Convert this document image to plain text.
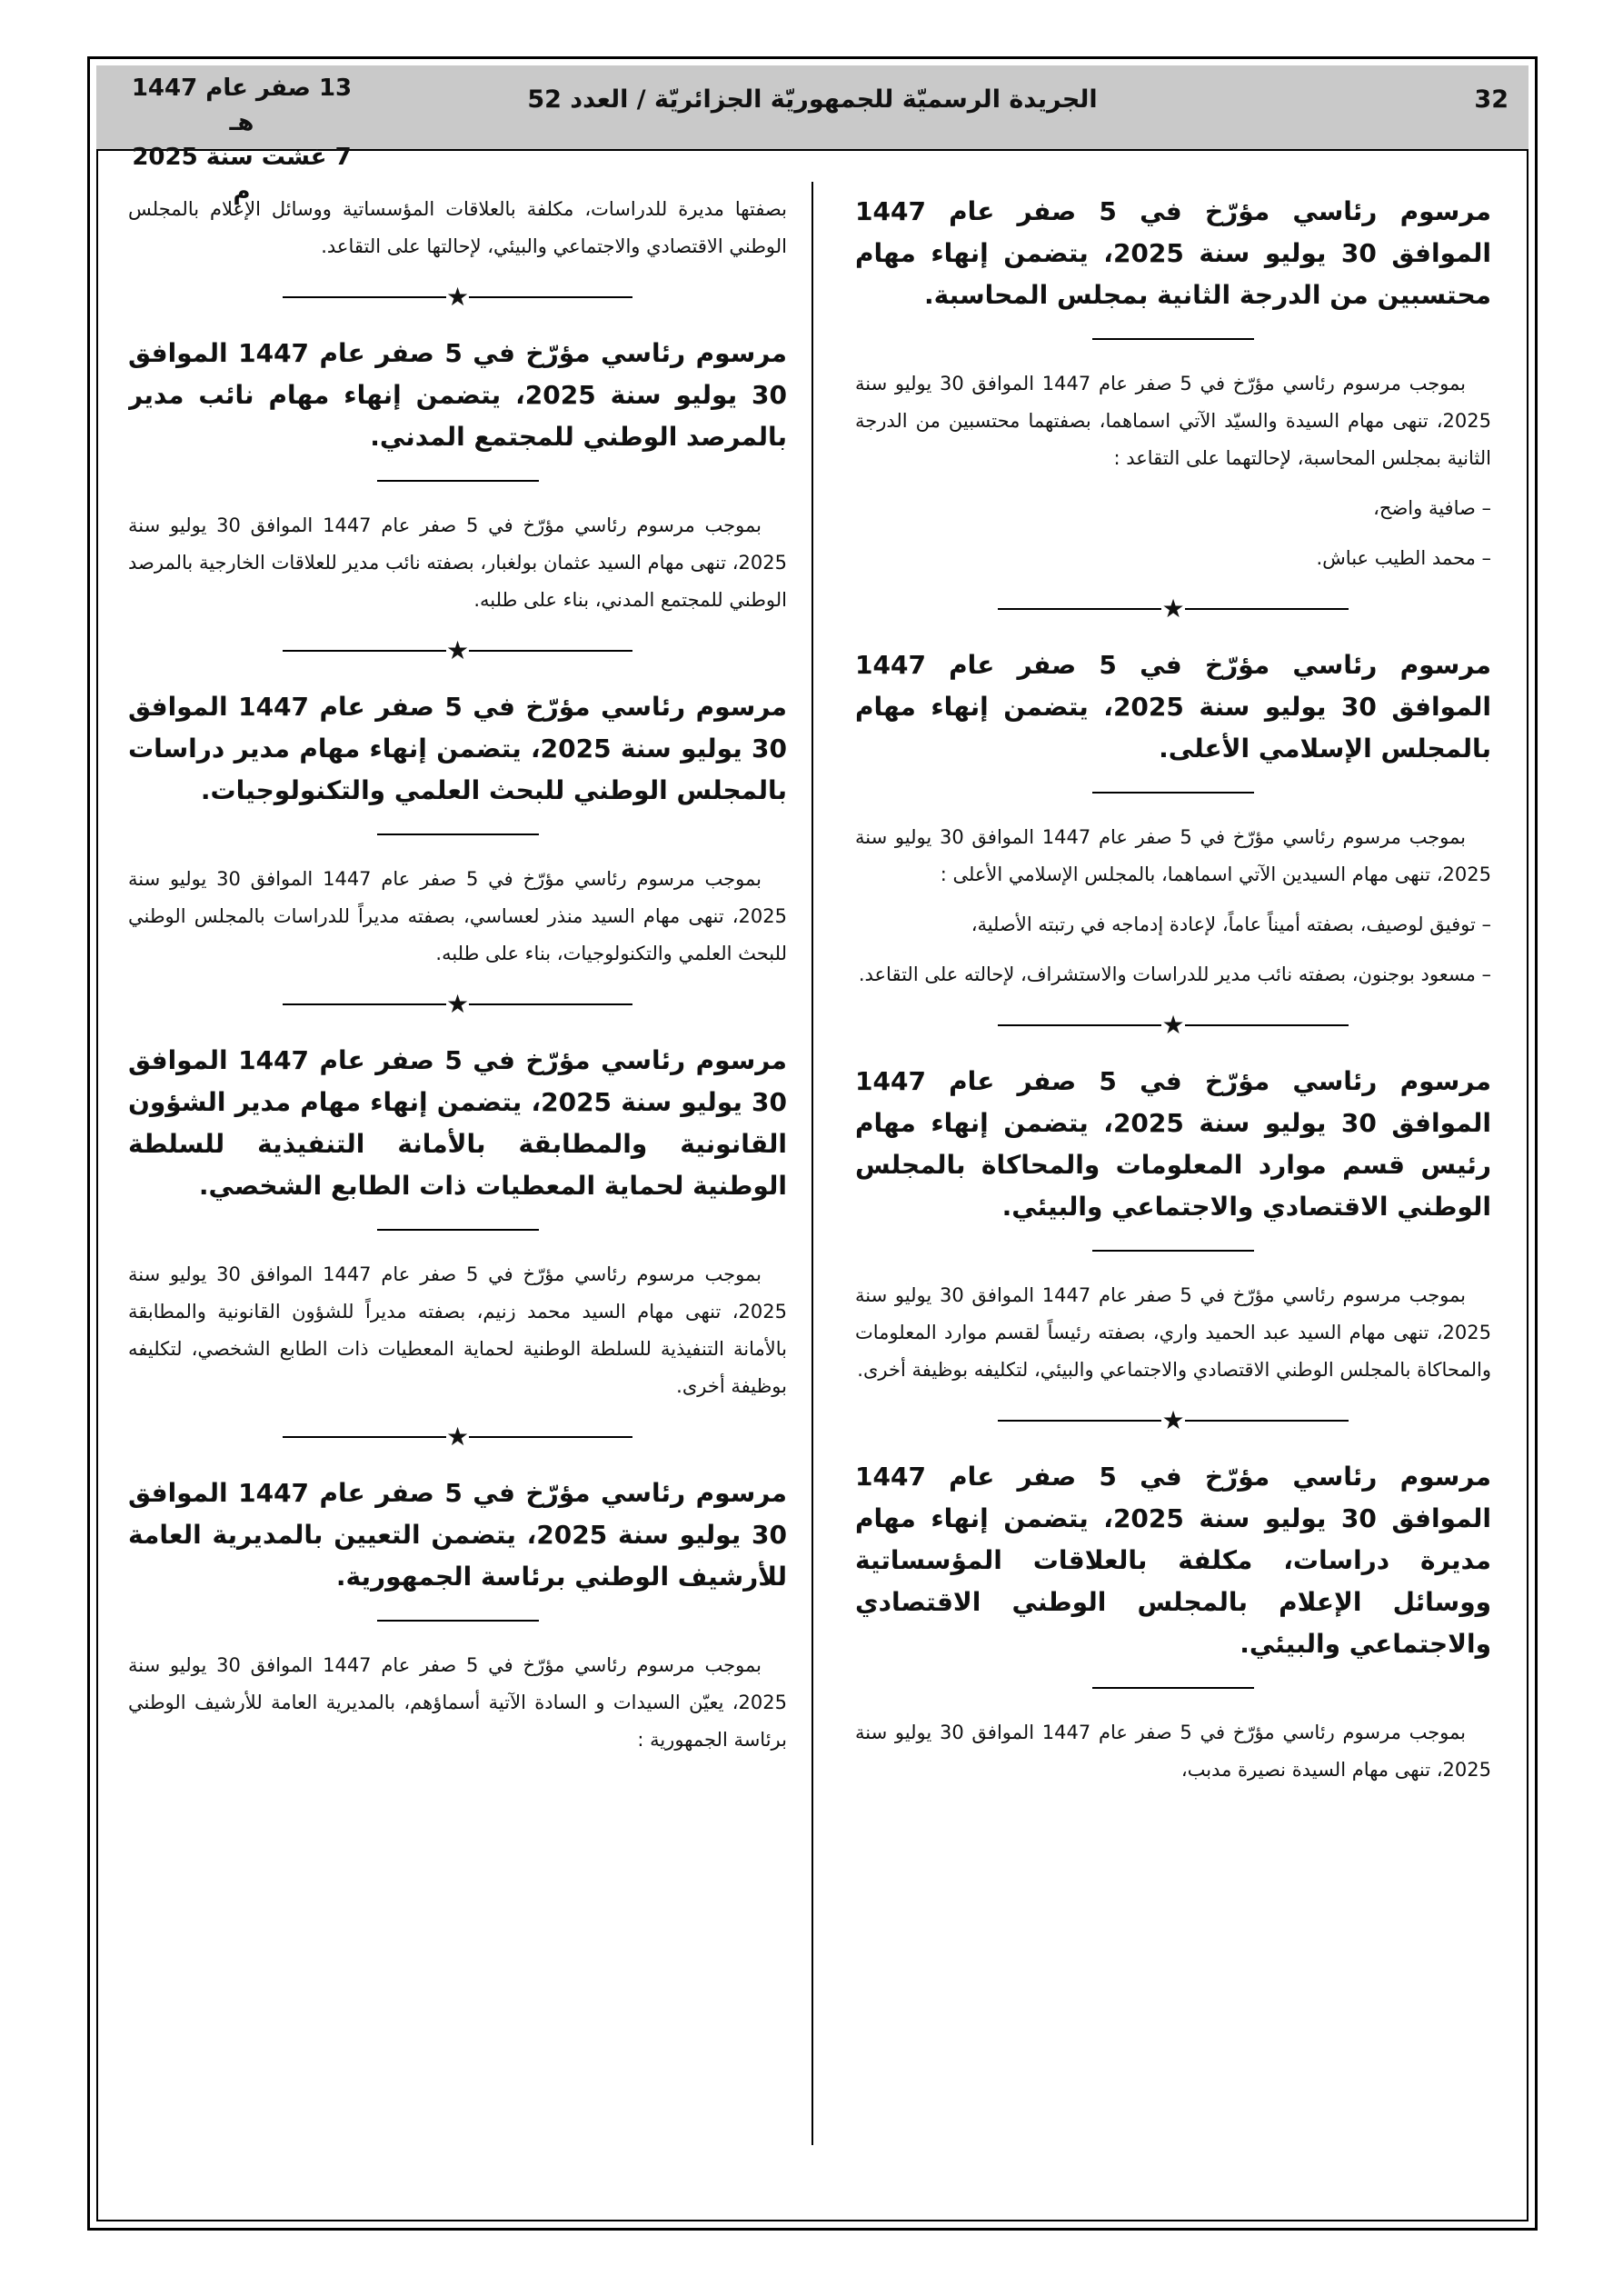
32
الجريدة الرسميّة للجمهوريّة الجزائريّة / العدد 52
13 صفر عام 1447 هـ
7 غشت سنة 2025 م

مرسوم رئاسي مؤرّخ في 5 صفر عام 1447 الموافق 30 يوليو سنة 2025، يتضمن إنهاء مهام محتسبين من الدرجة الثانية بمجلس المحاسبة.

بموجب مرسوم رئاسي مؤرّخ في 5 صفر عام 1447 الموافق 30 يوليو سنة 2025، تنهى مهام السيدة والسيّد الآتي اسماهما، بصفتهما محتسبين من الدرجة الثانية بمجلس المحاسبة، لإحالتهما على التقاعد :

– صافية واضح،

– محمد الطيب عباش.

★

مرسوم رئاسي مؤرّخ في 5 صفر عام 1447 الموافق 30 يوليو سنة 2025، يتضمن إنهاء مهام بالمجلس الإسلامي الأعلى.

بموجب مرسوم رئاسي مؤرّخ في 5 صفر عام 1447 الموافق 30 يوليو سنة 2025، تنهى مهام السيدين الآتي اسماهما، بالمجلس الإسلامي الأعلى :

– توفيق لوصيف، بصفته أميناً عاماً، لإعادة إدماجه في رتبته الأصلية،

– مسعود بوجنون، بصفته نائب مدير للدراسات والاستشراف، لإحالته على التقاعد.

★

مرسوم رئاسي مؤرّخ في 5 صفر عام 1447 الموافق 30 يوليو سنة 2025، يتضمن إنهاء مهام رئيس قسم موارد المعلومات والمحاكاة بالمجلس الوطني الاقتصادي والاجتماعي والبيئي.

بموجب مرسوم رئاسي مؤرّخ في 5 صفر عام 1447 الموافق 30 يوليو سنة 2025، تنهى مهام السيد عبد الحميد واري، بصفته رئيساً لقسم موارد المعلومات والمحاكاة بالمجلس الوطني الاقتصادي والاجتماعي والبيئي، لتكليفه بوظيفة أخرى.

★

مرسوم رئاسي مؤرّخ في 5 صفر عام 1447 الموافق 30 يوليو سنة 2025، يتضمن إنهاء مهام مديرة دراسات، مكلفة بالعلاقات المؤسساتية ووسائل الإعلام بالمجلس الوطني الاقتصادي والاجتماعي والبيئي.

بموجب مرسوم رئاسي مؤرّخ في 5 صفر عام 1447 الموافق 30 يوليو سنة 2025، تنهى مهام السيدة نصيرة مدبب،

بصفتها مديرة للدراسات، مكلفة بالعلاقات المؤسساتية ووسائل الإعلام بالمجلس الوطني الاقتصادي والاجتماعي والبيئي، لإحالتها على التقاعد.

★

مرسوم رئاسي مؤرّخ في 5 صفر عام 1447 الموافق 30 يوليو سنة 2025، يتضمن إنهاء مهام نائب مدير بالمرصد الوطني للمجتمع المدني.

بموجب مرسوم رئاسي مؤرّخ في 5 صفر عام 1447 الموافق 30 يوليو سنة 2025، تنهى مهام السيد عثمان بولغبار، بصفته نائب مدير للعلاقات الخارجية بالمرصد الوطني للمجتمع المدني، بناء على طلبه.

★

مرسوم رئاسي مؤرّخ في 5 صفر عام 1447 الموافق 30 يوليو سنة 2025، يتضمن إنهاء مهام مدير دراسات بالمجلس الوطني للبحث العلمي والتكنولوجيات.

بموجب مرسوم رئاسي مؤرّخ في 5 صفر عام 1447 الموافق 30 يوليو سنة 2025، تنهى مهام السيد منذر لعساسي، بصفته مديراً للدراسات بالمجلس الوطني للبحث العلمي والتكنولوجيات، بناء على طلبه.

★

مرسوم رئاسي مؤرّخ في 5 صفر عام 1447 الموافق 30 يوليو سنة 2025، يتضمن إنهاء مهام مدير الشؤون القانونية والمطابقة بالأمانة التنفيذية للسلطة الوطنية لحماية المعطيات ذات الطابع الشخصي.

بموجب مرسوم رئاسي مؤرّخ في 5 صفر عام 1447 الموافق 30 يوليو سنة 2025، تنهى مهام السيد محمد زنيم، بصفته مديراً للشؤون القانونية والمطابقة بالأمانة التنفيذية للسلطة الوطنية لحماية المعطيات ذات الطابع الشخصي، لتكليفه بوظيفة أخرى.

★

مرسوم رئاسي مؤرّخ في 5 صفر عام 1447 الموافق 30 يوليو سنة 2025، يتضمن التعيين بالمديرية العامة للأرشيف الوطني برئاسة الجمهورية.

بموجب مرسوم رئاسي مؤرّخ في 5 صفر عام 1447 الموافق 30 يوليو سنة 2025، يعيّن السيدات و السادة الآتية أسماؤهم، بالمديرية العامة للأرشيف الوطني برئاسة الجمهورية :
